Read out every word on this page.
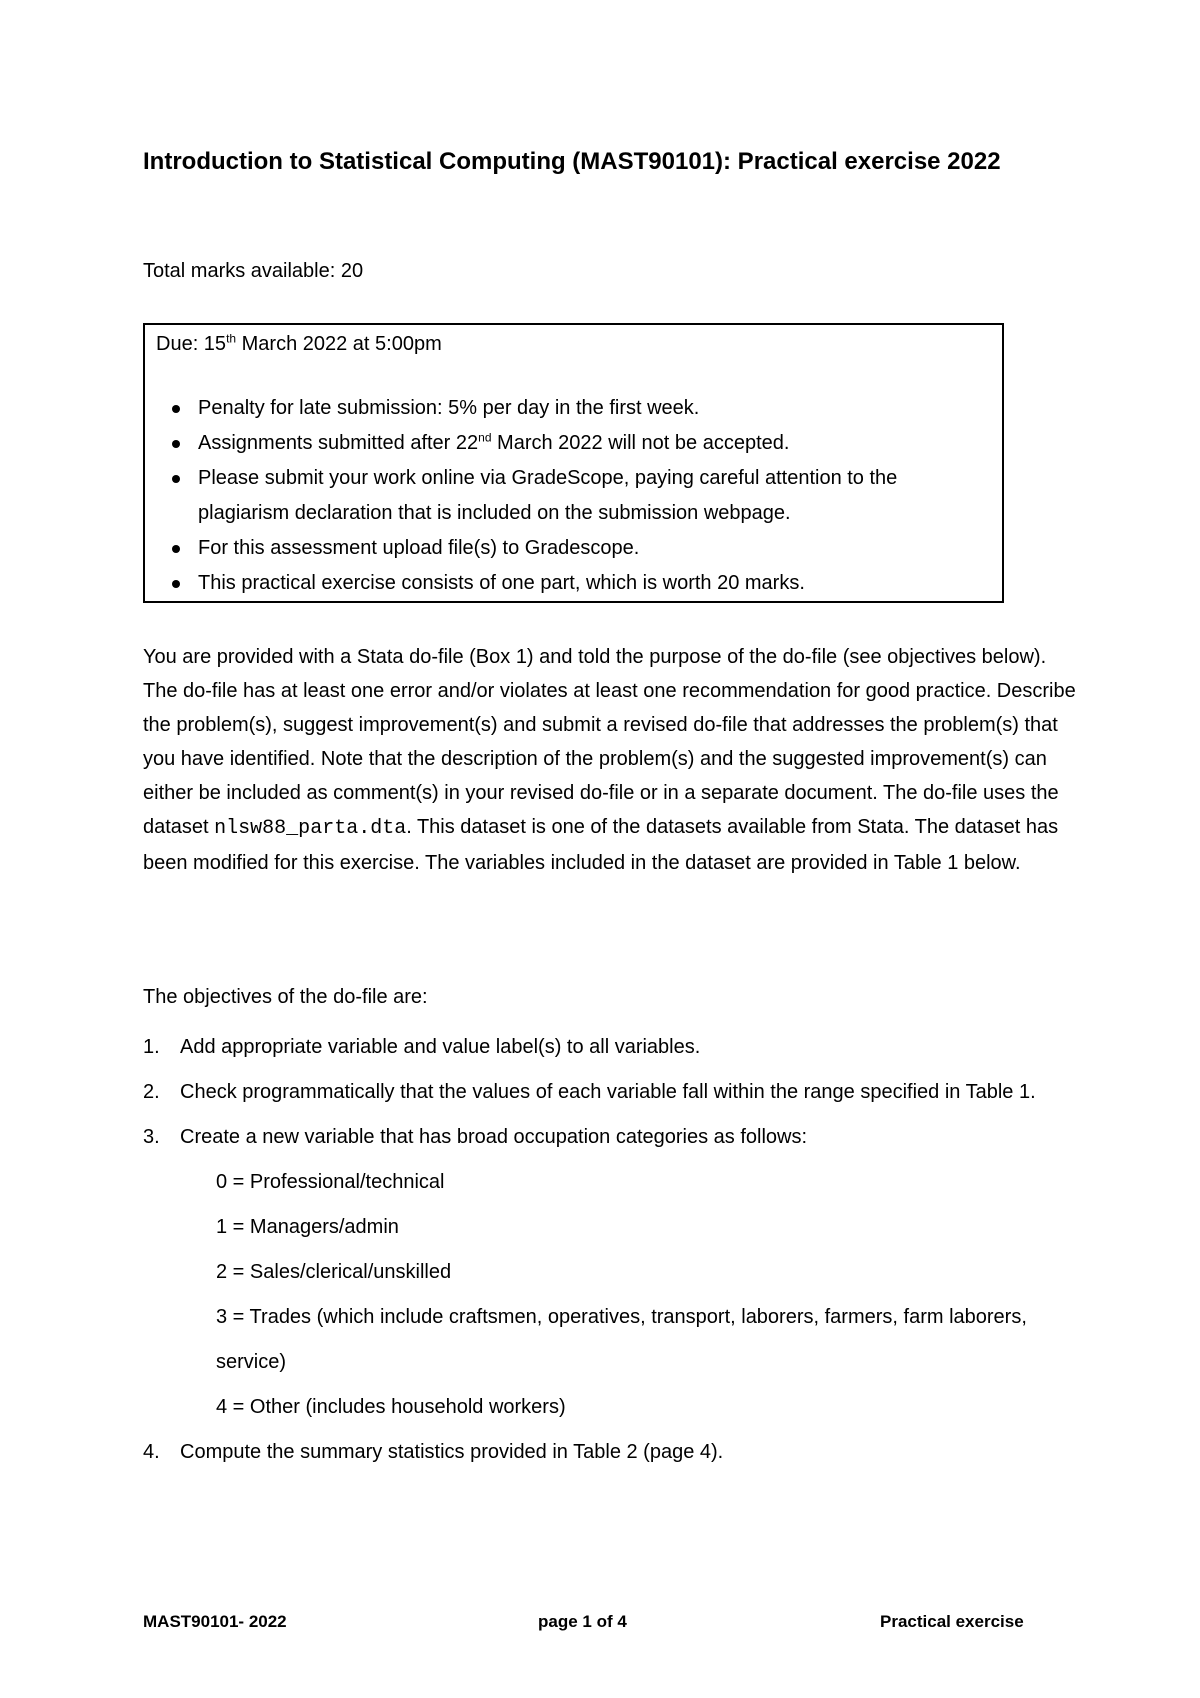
Introduction to Statistical Computing (MAST90101): Practical exercise 2022
Total marks available: 20
Due: 15th March 2022 at 5:00pm
Penalty for late submission: 5% per day in the first week.
Assignments submitted after 22nd March 2022 will not be accepted.
Please submit your work online via GradeScope, paying careful attention to the plagiarism declaration that is included on the submission webpage.
For this assessment upload file(s) to Gradescope.
This practical exercise consists of one part, which is worth 20 marks.
You are provided with a Stata do-file (Box 1) and told the purpose of the do-file (see objectives below). The do-file has at least one error and/or violates at least one recommendation for good practice. Describe the problem(s), suggest improvement(s) and submit a revised do-file that addresses the problem(s) that you have identified. Note that the description of the problem(s) and the suggested improvement(s) can either be included as comment(s) in your revised do-file or in a separate document. The do-file uses the dataset nlsw88_parta.dta. This dataset is one of the datasets available from Stata. The dataset has been modified for this exercise. The variables included in the dataset are provided in Table 1 below.
The objectives of the do-file are:
1. Add appropriate variable and value label(s) to all variables.
2. Check programmatically that the values of each variable fall within the range specified in Table 1.
3. Create a new variable that has broad occupation categories as follows:
0 = Professional/technical
1 = Managers/admin
2 = Sales/clerical/unskilled
3 = Trades (which include craftsmen, operatives, transport, laborers, farmers, farm laborers, service)
4 = Other (includes household workers)
4. Compute the summary statistics provided in Table 2 (page 4).
MAST90101- 2022	page 1 of 4	Practical exercise
